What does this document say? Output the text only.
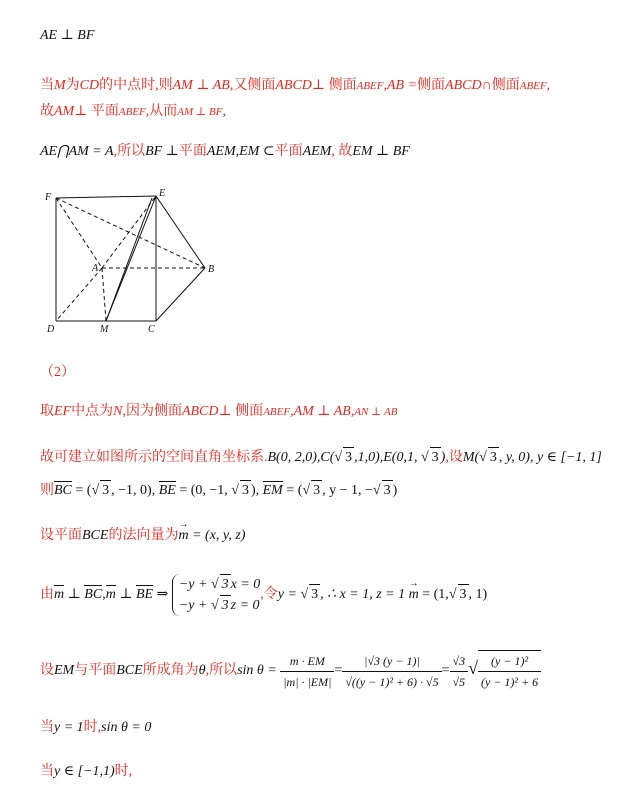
AE ⊥ BF
当M为CD的中点时,则AM ⊥ AB,又侧面ABCD⊥ 侧面ABEF,AB =侧面ABCD∩侧面ABEF,
故AM⊥ 平面ABEF,从而AM ⊥ BF,
AE⋂AM = A,所以BF ⊥平面AEM,EM ⊂平面AEM, 故EM ⊥ BF
F	E
A	B
D	M	C
（2）
取EF中点为N,因为侧面ABCD⊥ 侧面ABEF,AM ⊥ AB,AN ⊥ AB
故可建立如图所示的空间直角坐标系.B(0, 2,0),C(√ 3 ,1,0),E(0,1, √ 3 ),设M(√ 3 , y, 0), y ∈ [−1, 1]
则BC = (√ 3 , −1, 0), BE = (0, −1, √ 3 ), EM = (√ 3 , y − 1, −√ 3 )
设平面BCE的法向量为→ m = (x, y, z)
由m ⊥ BC,m ⊥ BE ⇒
−y + √ 3 x = 0
−y + √ 3 z = 0
,令y = √ 3 , ∴ x = 1, z = 1 → m = (1,√ 3 , 1)
设EM与平面BCE所成角为θ,所以$\sin \theta = \frac{m \cdot EM}{|m| \cdot |EM|} = \frac{|√3 (y - 1)|}{\text{√((y − 1)² + 6) · √5}} = \frac{√3}{√5}$ √ $\frac{\text{(y − 1)²}}{\text{(y − 1)² + 6}}$
当y = 1时,sin θ = 0
当y ∈ [−1,1)时,
